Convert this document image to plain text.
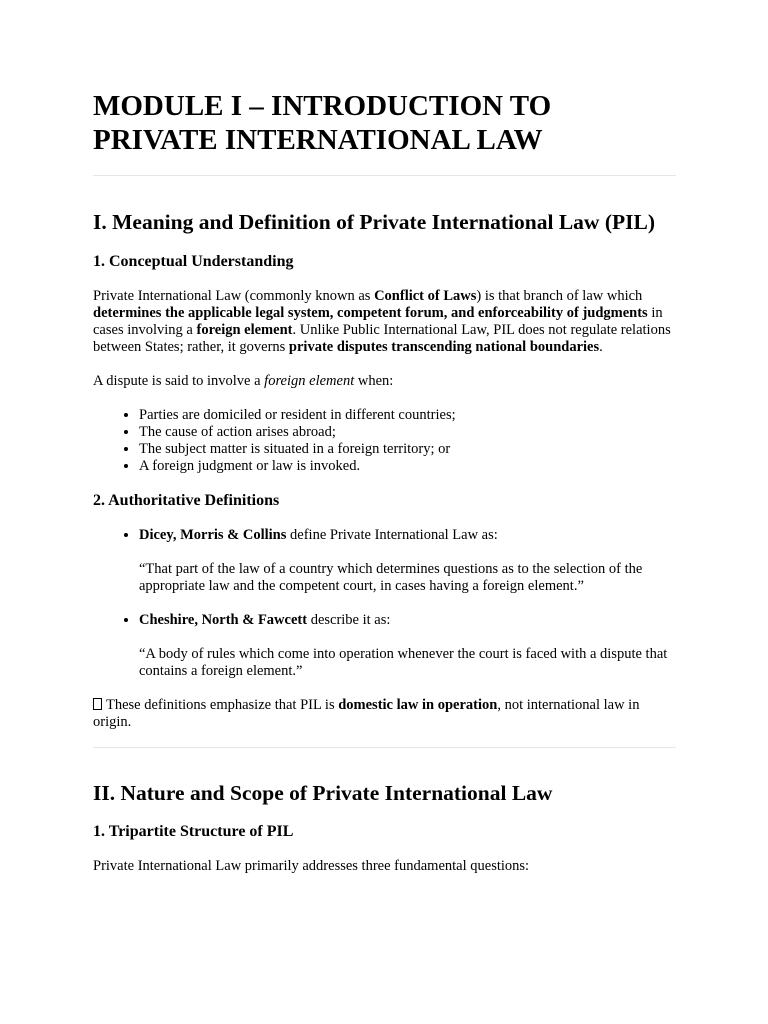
MODULE I – INTRODUCTION TO PRIVATE INTERNATIONAL LAW
I. Meaning and Definition of Private International Law (PIL)
1. Conceptual Understanding

Private International Law (commonly known as Conflict of Laws) is that branch of law which determines the applicable legal system, competent forum, and enforceability of judgments in cases involving a foreign element. Unlike Public International Law, PIL does not regulate relations between States; rather, it governs private disputes transcending national boundaries.

A dispute is said to involve a foreign element when:

• Parties are domiciled or resident in different countries;
• The cause of action arises abroad;
• The subject matter is situated in a foreign territory; or
• A foreign judgment or law is invoked.
2. Authoritative Definitions
• Dicey, Morris & Collins define Private International Law as:

“That part of the law of a country which determines questions as to the selection of the appropriate law and the competent court, in cases having a foreign element.”

• Cheshire, North & Fawcett describe it as:

“A body of rules which come into operation whenever the court is faced with a dispute that contains a foreign element.”

These definitions emphasize that PIL is domestic law in operation, not international law in origin.

II. Nature and Scope of Private International Law
1. Tripartite Structure of PIL

Private International Law primarily addresses three fundamental questions:
